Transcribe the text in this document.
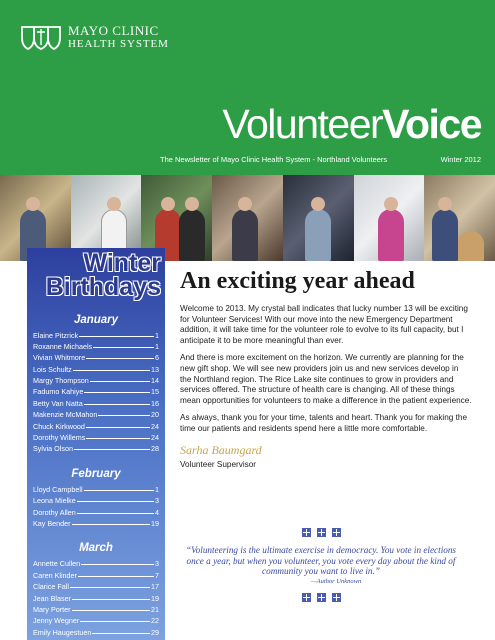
MAYO CLINIC
HEALTH SYSTEM
VolunteerVoice
The Newsletter of Mayo Clinic Health System - Northland Volunteers	Winter 2012
Winter
Birthdays
January
Elaine Pitzrick	1
Roxanne Michaels	1
Vivian Whitmore	6
Lois Schultz	13
Margy Thompson	14
Fadumo Kahiye	15
Betty Van Natta	16
Makenzie McMahon	20
Chuck Kirkwood	24
Dorothy Willems	24
Sylvia Olson	28
February
Lloyd Campbell	1
Leona Mielke	3
Dorothy Allen	4
Kay Bender	19
March
Annette Cullen	3
Caren Klinder	7
Clarice Fall	17
Jean Blaser	19
Mary Porter	21
Jenny Wegner	22
Emily Haugestuen	29
An exciting year ahead

Welcome to 2013. My crystal ball indicates that lucky number 13 will be exciting for Volunteer Services! With our move into the new Emergency Department addition, it will take time for the volunteer role to evolve to its full capacity, but I anticipate it to be more meaningful than ever.

And there is more excitement on the horizon. We currently are planning for the new gift shop. We will see new providers join us and new services develop in the Northland region. The Rice Lake site continues to grow in providers and services offered. The structure of health care is changing. All of these things mean opportunities for volunteers to make a difference in the patient experience.

As always, thank you for your time, talents and heart. Thank you for making the time our patients and residents spend here a little more comfortable.

Sarha Baumgard
Volunteer Supervisor
“Volunteering is the ultimate exercise in democracy. You vote in elections once a year, but when you volunteer, you vote every day about the kind of community you want to live in.”
—Author Unknown
